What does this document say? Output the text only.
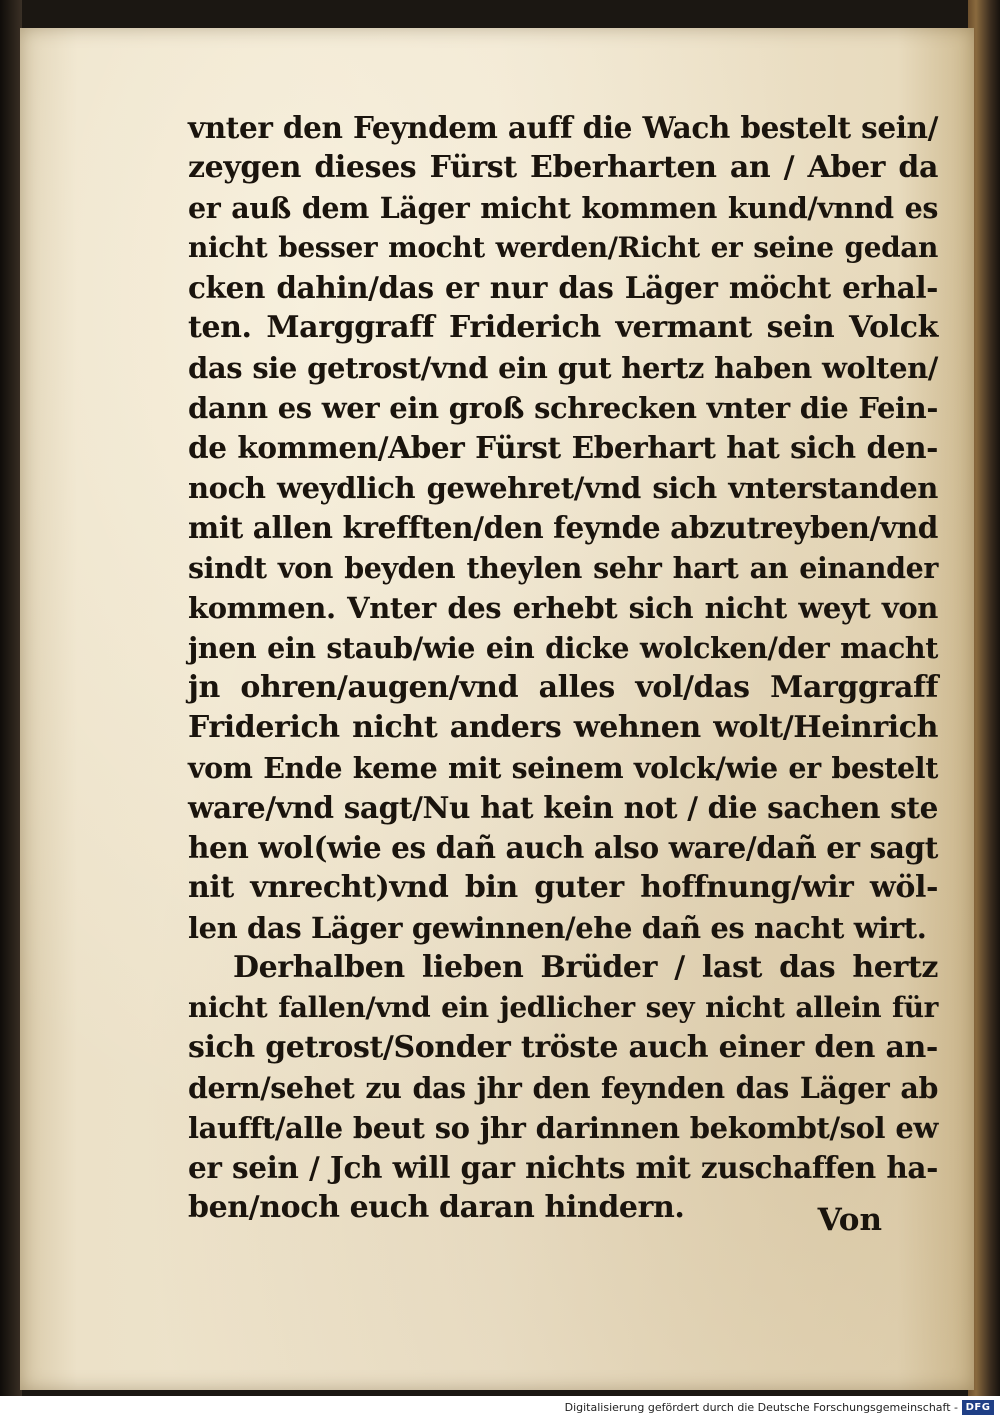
vnter den Feyndem auff die Wach bestelt sein/
zeygen dieses Fürst Eberharten an / Aber da
er auß dem Läger micht kommen kund/vnnd es
nicht besser mocht werden/Richt er seine gedan
cken dahin/das er nur das Läger möcht erhal-
ten. Marggraff Friderich vermant sein Volck
das sie getrost/vnd ein gut hertz haben wolten/
dann es wer ein groß schrecken vnter die Fein-
de kommen/Aber Fürst Eberhart hat sich den-
noch weydlich gewehret/vnd sich vnterstanden
mit allen krefften/den feynde abzutreyben/vnd
sindt von beyden theylen sehr hart an einander
kommen. Vnter des erhebt sich nicht weyt von
jnen ein staub/wie ein dicke wolcken/der macht
jn ohren/augen/vnd alles vol/das Marggraff
Friderich nicht anders wehnen wolt/Heinrich
vom Ende keme mit seinem volck/wie er bestelt
ware/vnd sagt/Nu hat kein not / die sachen ste
hen wol(wie es dañ auch also ware/dañ er sagt
nit vnrecht)vnd bin guter hoffnung/wir wöl-
len das Läger gewinnen/ehe dañ es nacht wirt.
Derhalben lieben Brüder / last das hertz
nicht fallen/vnd ein jedlicher sey nicht allein für
sich getrost/Sonder tröste auch einer den an-
dern/sehet zu das jhr den feynden das Läger ab
laufft/alle beut so jhr darinnen bekombt/sol ew
er sein / Jch will gar nichts mit zuschaffen ha-
ben/noch euch daran hindern.	Von
Digitalisierung gefördert durch die Deutsche Forschungsgemeinschaft - DFG
